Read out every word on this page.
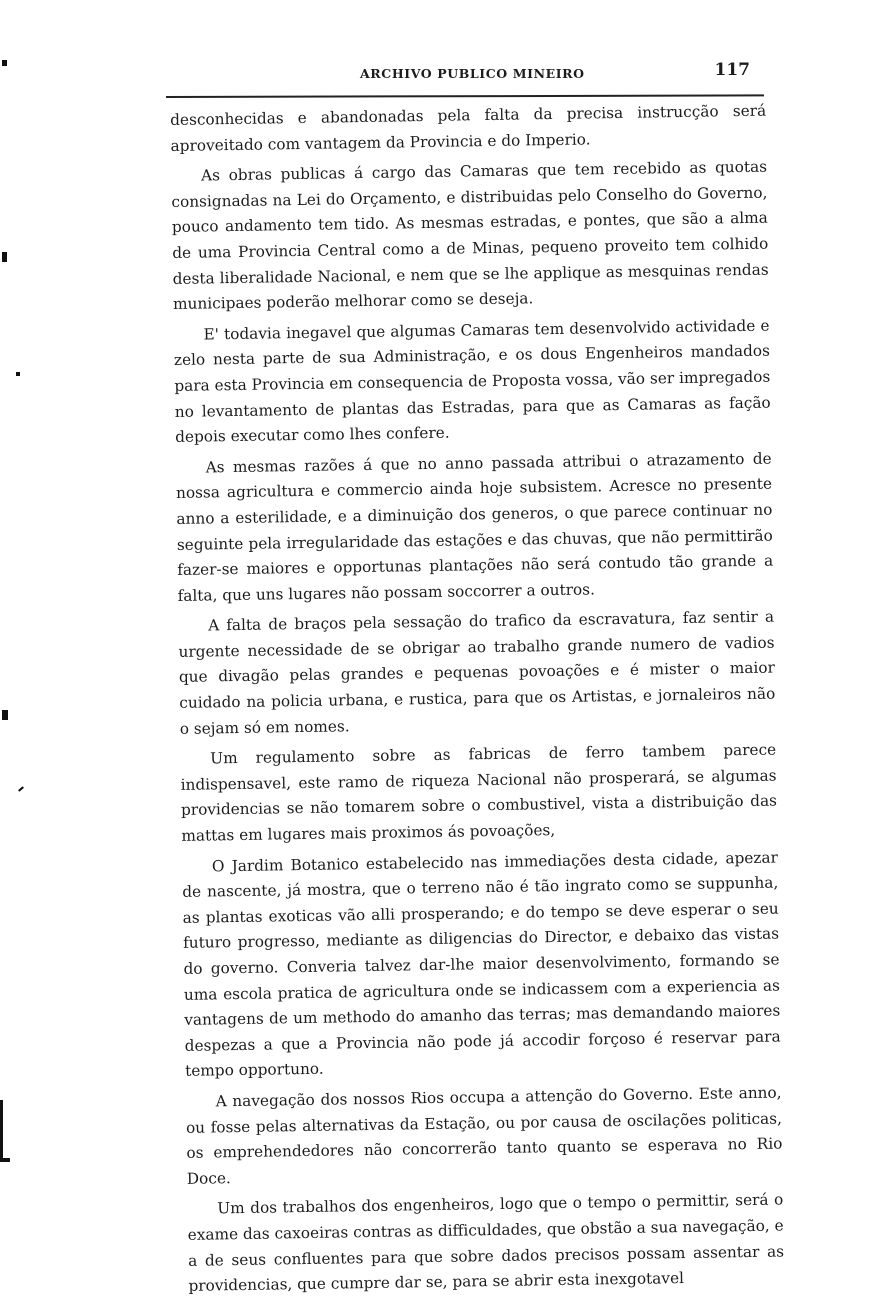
ARCHIVO PUBLICO MINEIRO	117

desconhecidas e abandonadas pela falta da precisa instrucção será aproveitado com vantagem da Provincia e do Imperio.

As obras publicas á cargo das Camaras que tem recebido as quotas consignadas na Lei do Orçamento, e distribuidas pelo Conselho do Governo, pouco andamento tem tido. As mesmas estradas, e pontes, que são a alma de uma Provincia Central como a de Minas, pequeno proveito tem colhido desta liberalidade Nacional, e nem que se lhe applique as mesquinas rendas municipaes poderão melhorar como se deseja.

E' todavia inegavel que algumas Camaras tem desenvolvido actividade e zelo nesta parte de sua Administração, e os dous Engenheiros mandados para esta Provincia em consequencia de Proposta vossa, vão ser impregados no levantamento de plantas das Estradas, para que as Camaras as fação depois executar como lhes confere.

As mesmas razões á que no anno passada attribui o atrazamento de nossa agricultura e commercio ainda hoje subsistem. Acresce no presente anno a esterilidade, e a diminuição dos generos, o que parece continuar no seguinte pela irregularidade das estações e das chuvas, que não permittirão fazer-se maiores e opportunas plantações não será contudo tão grande a falta, que uns lugares não possam soccorrer a outros.

A falta de braços pela sessação do trafico da escravatura, faz sentir a urgente necessidade de se obrigar ao trabalho grande numero de vadios que divagão pelas grandes e pequenas povoações e é mister o maior cuidado na policia urbana, e rustica, para que os Artistas, e jornaleiros não o sejam só em nomes.

Um regulamento sobre as fabricas de ferro tambem parece indispensavel, este ramo de riqueza Nacional não prosperará, se algumas providencias se não tomarem sobre o combustivel, vista a distribuição das mattas em lugares mais proximos ás povoações,

O Jardim Botanico estabelecido nas immediações desta cidade, apezar de nascente, já mostra, que o terreno não é tão ingrato como se suppunha, as plantas exoticas vão alli prosperando; e do tempo se deve esperar o seu futuro progresso, mediante as diligencias do Director, e debaixo das vistas do governo. Converia talvez dar-lhe maior desenvolvimento, formando se uma escola pratica de agricultura onde se indicassem com a experiencia as vantagens de um methodo do amanho das terras; mas demandando maiores despezas a que a Provincia não pode já accodir forçoso é reservar para tempo opportuno.

A navegação dos nossos Rios occupa a attenção do Governo. Este anno, ou fosse pelas alternativas da Estação, ou por causa de oscilações politicas, os emprehendedores não concorrerão tanto quanto se esperava no Rio Doce.

Um dos trabalhos dos engenheiros, logo que o tempo o permittir, será o exame das caxoeiras contras as difficuldades, que obstão a sua navegação, e a de seus confluentes para que sobre dados precisos possam assentar as providencias, que cumpre dar se, para se abrir esta inexgotavel
